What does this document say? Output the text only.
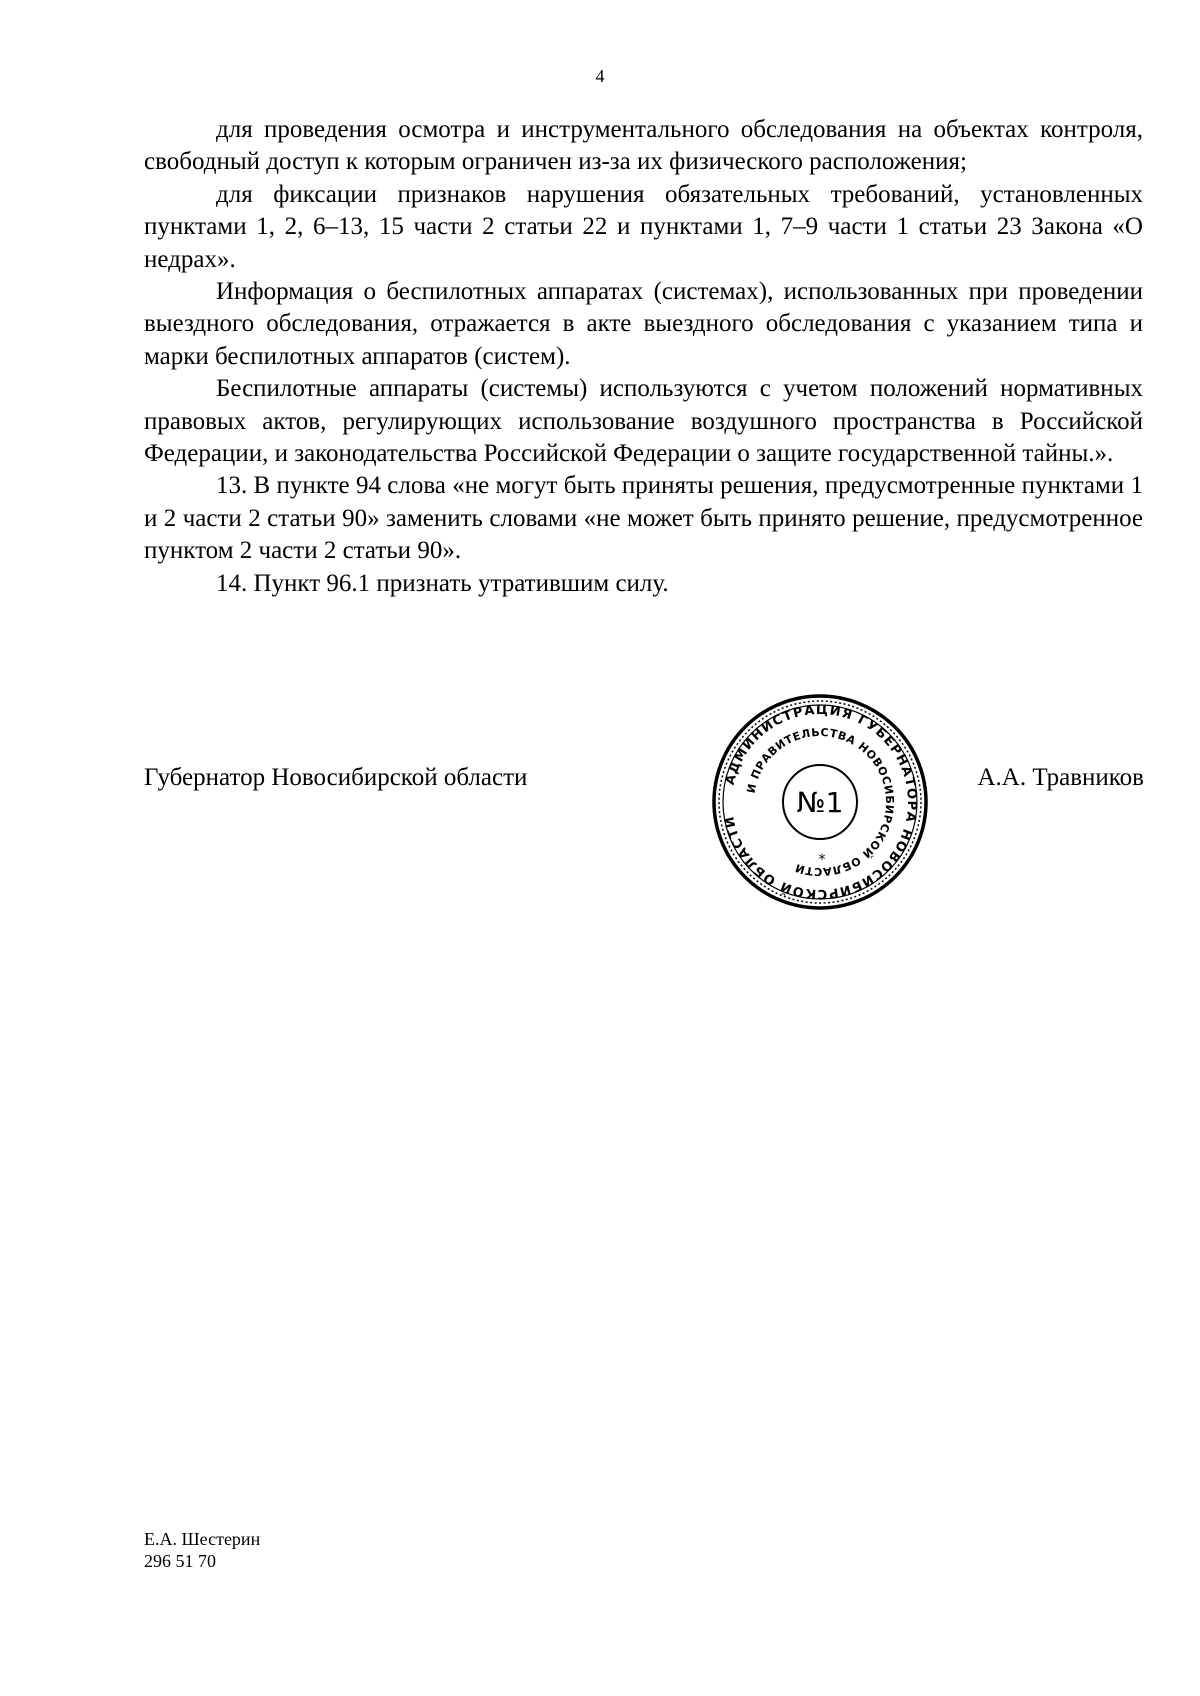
4

для проведения осмотра и инструментального обследования на объектах контроля, свободный доступ к которым ограничен из-за их физического расположения;

для фиксации признаков нарушения обязательных требований, установленных пунктами 1, 2, 6–13, 15 части 2 статьи 22 и пунктами 1, 7–9 части 1 статьи 23 Закона «О недрах».

Информация о беспилотных аппаратах (системах), использованных при проведении выездного обследования, отражается в акте выездного обследования с указанием типа и марки беспилотных аппаратов (систем).

Беспилотные аппараты (системы) используются с учетом положений нормативных правовых актов, регулирующих использование воздушного пространства в Российской Федерации, и законодательства Российской Федерации о защите государственной тайны.».

13. В пункте 94 слова «не могут быть приняты решения, предусмотренные пунктами 1 и 2 части 2 статьи 90» заменить словами «не может быть принято решение, предусмотренное пунктом 2 части 2 статьи 90».

14. Пункт 96.1 признать утратившим силу.

Губернатор Новосибирской области	А.А. Травников
АДМИНИСТРАЦИЯ ГУБЕРНАТОРА НОВОСИБИРСКОЙ ОБЛАСТИ
И ПРАВИТЕЛЬСТВА НОВОСИБИРСКОЙ ОБЛАСТИ
№1
*
Е.А. Шестерин
296 51 70
